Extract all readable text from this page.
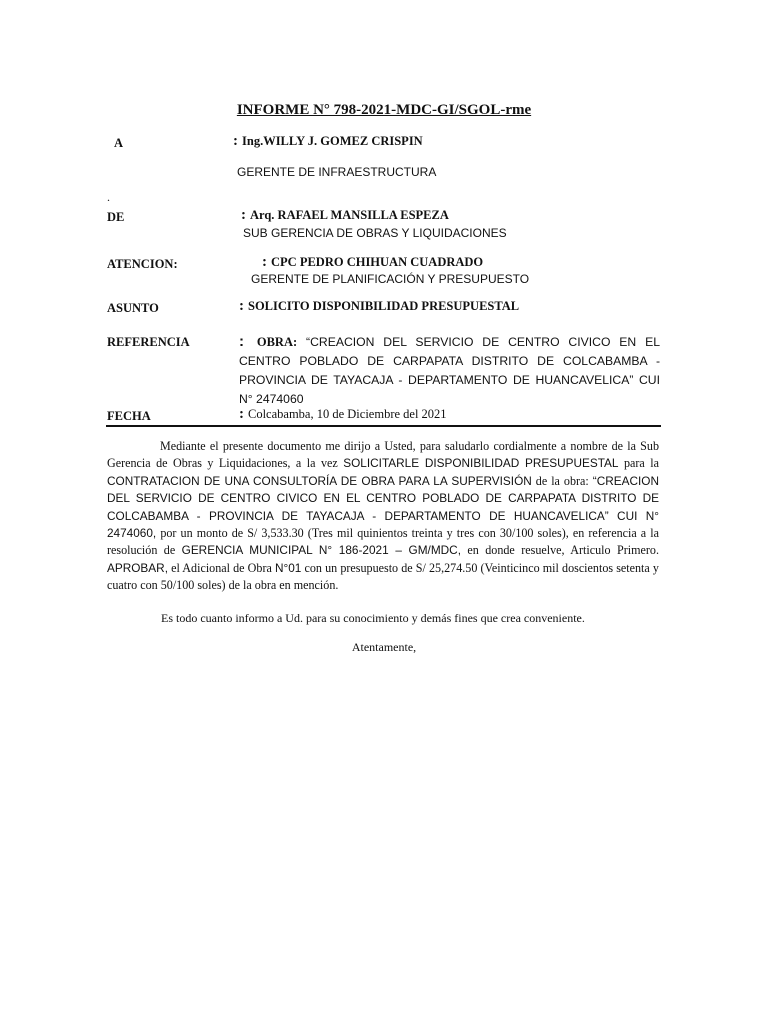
INFORME N° 798-2021-MDC-GI/SGOL-rme
A	: Ing.WILLY J. GOMEZ CRISPIN
GERENTE DE INFRAESTRUCTURA
.
DE	: Arq. RAFAEL MANSILLA ESPEZA
SUB GERENCIA DE OBRAS Y LIQUIDACIONES
ATENCION:	: CPC PEDRO CHIHUAN CUADRADO
GERENTE DE PLANIFICACIÓN Y PRESUPUESTO
ASUNTO	: SOLICITO DISPONIBILIDAD PRESUPUESTAL
REFERENCIA	: OBRA: “CREACION DEL SERVICIO DE CENTRO CIVICO EN EL CENTRO POBLADO DE CARPAPATA DISTRITO DE COLCABAMBA - PROVINCIA DE TAYACAJA - DEPARTAMENTO DE HUANCAVELICA” CUI N° 2474060
FECHA	: Colcabamba, 10 de Diciembre del 2021
Mediante el presente documento me dirijo a Usted, para saludarlo cordialmente a nombre de la Sub Gerencia de Obras y Liquidaciones, a la vez SOLICITARLE DISPONIBILIDAD PRESUPUESTAL para la CONTRATACION DE UNA CONSULTORÍA DE OBRA PARA LA SUPERVISIÓN de la obra: “CREACION DEL SERVICIO DE CENTRO CIVICO EN EL CENTRO POBLADO DE CARPAPATA DISTRITO DE COLCABAMBA - PROVINCIA DE TAYACAJA - DEPARTAMENTO DE HUANCAVELICA” CUI N° 2474060, por un monto de S/ 3,533.30 (Tres mil quinientos treinta y tres con 30/100 soles), en referencia a la resolución de GERENCIA MUNICIPAL N° 186-2021 – GM/MDC, en donde resuelve, Articulo Primero. APROBAR, el Adicional de Obra N°01 con un presupuesto de S/ 25,274.50 (Veinticinco mil doscientos setenta y cuatro con 50/100 soles) de la obra en mención.
Es todo cuanto informo a Ud. para su conocimiento y demás fines que crea conveniente.
Atentamente,
